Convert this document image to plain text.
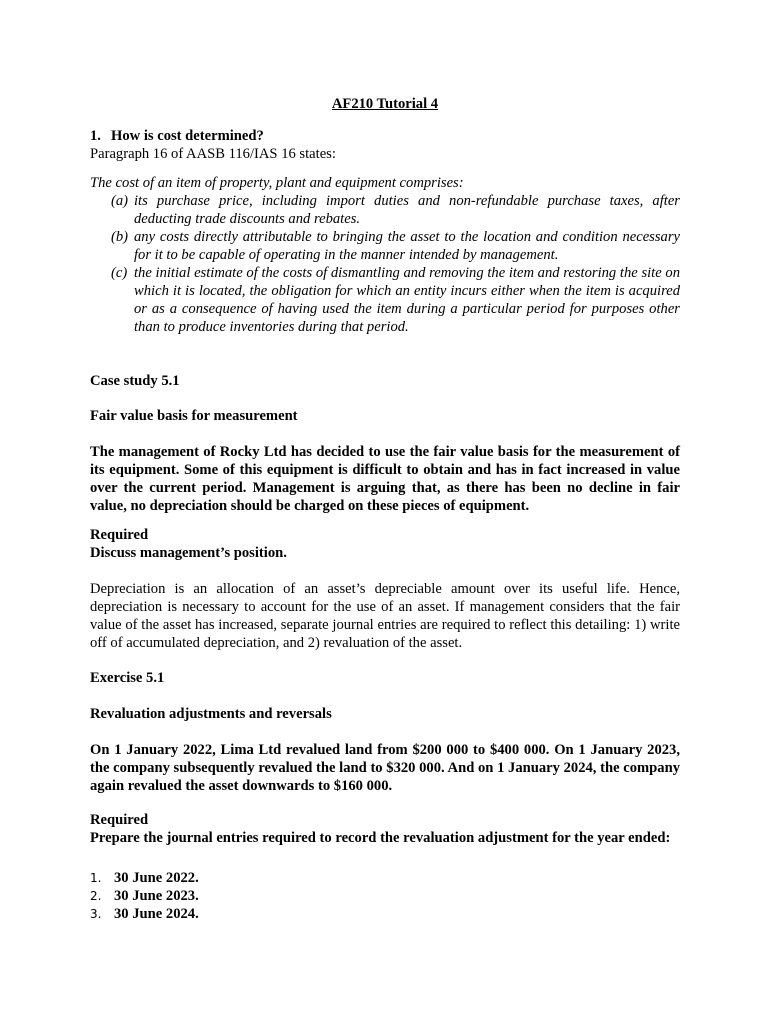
AF210 Tutorial 4
1. How is cost determined?
Paragraph 16 of AASB 116/IAS 16 states:
The cost of an item of property, plant and equipment comprises:
(a) its purchase price, including import duties and non-refundable purchase taxes, after deducting trade discounts and rebates.
(b) any costs directly attributable to bringing the asset to the location and condition necessary for it to be capable of operating in the manner intended by management.
(c) the initial estimate of the costs of dismantling and removing the item and restoring the site on which it is located, the obligation for which an entity incurs either when the item is acquired or as a consequence of having used the item during a particular period for purposes other than to produce inventories during that period.
Case study 5.1
Fair value basis for measurement
The management of Rocky Ltd has decided to use the fair value basis for the measurement of its equipment. Some of this equipment is difficult to obtain and has in fact increased in value over the current period. Management is arguing that, as there has been no decline in fair value, no depreciation should be charged on these pieces of equipment.
Required
Discuss management’s position.
Depreciation is an allocation of an asset’s depreciable amount over its useful life. Hence, depreciation is necessary to account for the use of an asset. If management considers that the fair value of the asset has increased, separate journal entries are required to reflect this detailing: 1) write off of accumulated depreciation, and 2) revaluation of the asset.
Exercise 5.1
Revaluation adjustments and reversals
On 1 January 2022, Lima Ltd revalued land from $200 000 to $400 000. On 1 January 2023, the company subsequently revalued the land to $320 000. And on 1 January 2024, the company again revalued the asset downwards to $160 000.
Required
Prepare the journal entries required to record the revaluation adjustment for the year ended:
1. 30 June 2022.
2. 30 June 2023.
3. 30 June 2024.
